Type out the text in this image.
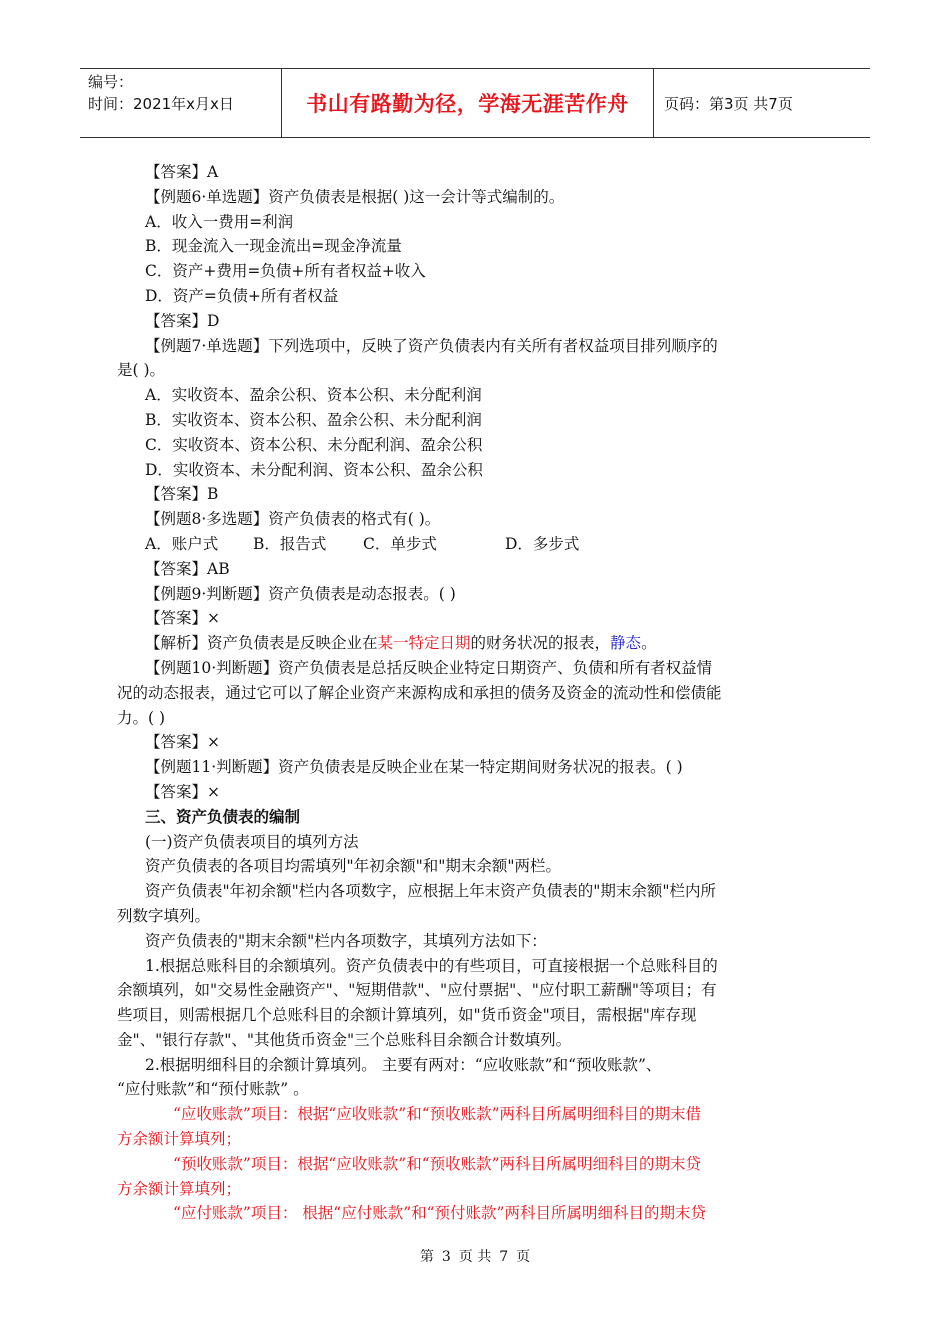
编号：
时间：2021年x月x日	书山有路勤为径，学海无涯苦作舟	页码：第3页 共7页
【答案】A
【例题6·单选题】资产负债表是根据( )这一会计等式编制的。
A．收入一费用=利润
B．现金流入一现金流出=现金净流量
C．资产+费用=负债+所有者权益+收入
D．资产=负债+所有者权益
【答案】D
【例题7·单选题】下列选项中，反映了资产负债表内有关所有者权益项目排列顺序的
是( )。
A．实收资本、盈余公积、资本公积、未分配利润
B．实收资本、资本公积、盈余公积、未分配利润
C．实收资本、资本公积、未分配利润、盈余公积
D．实收资本、未分配利润、资本公积、盈余公积
【答案】B
【例题8·多选题】资产负债表的格式有( )。
A．账户式 B．报告式 C．单步式	D．多步式
【答案】AB
【例题9·判断题】资产负债表是动态报表。( )
【答案】×
【解析】资产负债表是反映企业在某一特定日期的财务状况的报表，静态。
【例题10·判断题】资产负债表是总括反映企业特定日期资产、负债和所有者权益情
况的动态报表，通过它可以了解企业资产来源构成和承担的债务及资金的流动性和偿债能
力。( )
【答案】×
【例题11·判断题】资产负债表是反映企业在某一特定期间财务状况的报表。( )
【答案】×
三、资产负债表的编制
(一)资产负债表项目的填列方法
资产负债表的各项目均需填列"年初余额"和"期末余额"两栏。
资产负债表"年初余额"栏内各项数字，应根据上年末资产负债表的"期末余额"栏内所
列数字填列。
资产负债表的"期末余额"栏内各项数字，其填列方法如下：
1.根据总账科目的余额填列。资产负债表中的有些项目，可直接根据一个总账科目的
余额填列，如"交易性金融资产"、"短期借款"、"应付票据"、"应付职工薪酬"等项目；有
些项目，则需根据几个总账科目的余额计算填列，如"货币资金"项目，需根据"库存现
金"、"银行存款"、"其他货币资金"三个总账科目余额合计数填列。
2.根据明细科目的余额计算填列。 主要有两对：“应收账款”和“预收账款”、
“应付账款”和“预付账款” 。
“应收账款”项目：根据“应收账款”和“预收账款”两科目所属明细科目的期末借
方余额计算填列；
“预收账款”项目：根据“应收账款”和“预收账款”两科目所属明细科目的期末贷
方余额计算填列；
“应付账款”项目： 根据“应付账款”和“预付账款”两科目所属明细科目的期末贷
第 3 页 共 7 页
